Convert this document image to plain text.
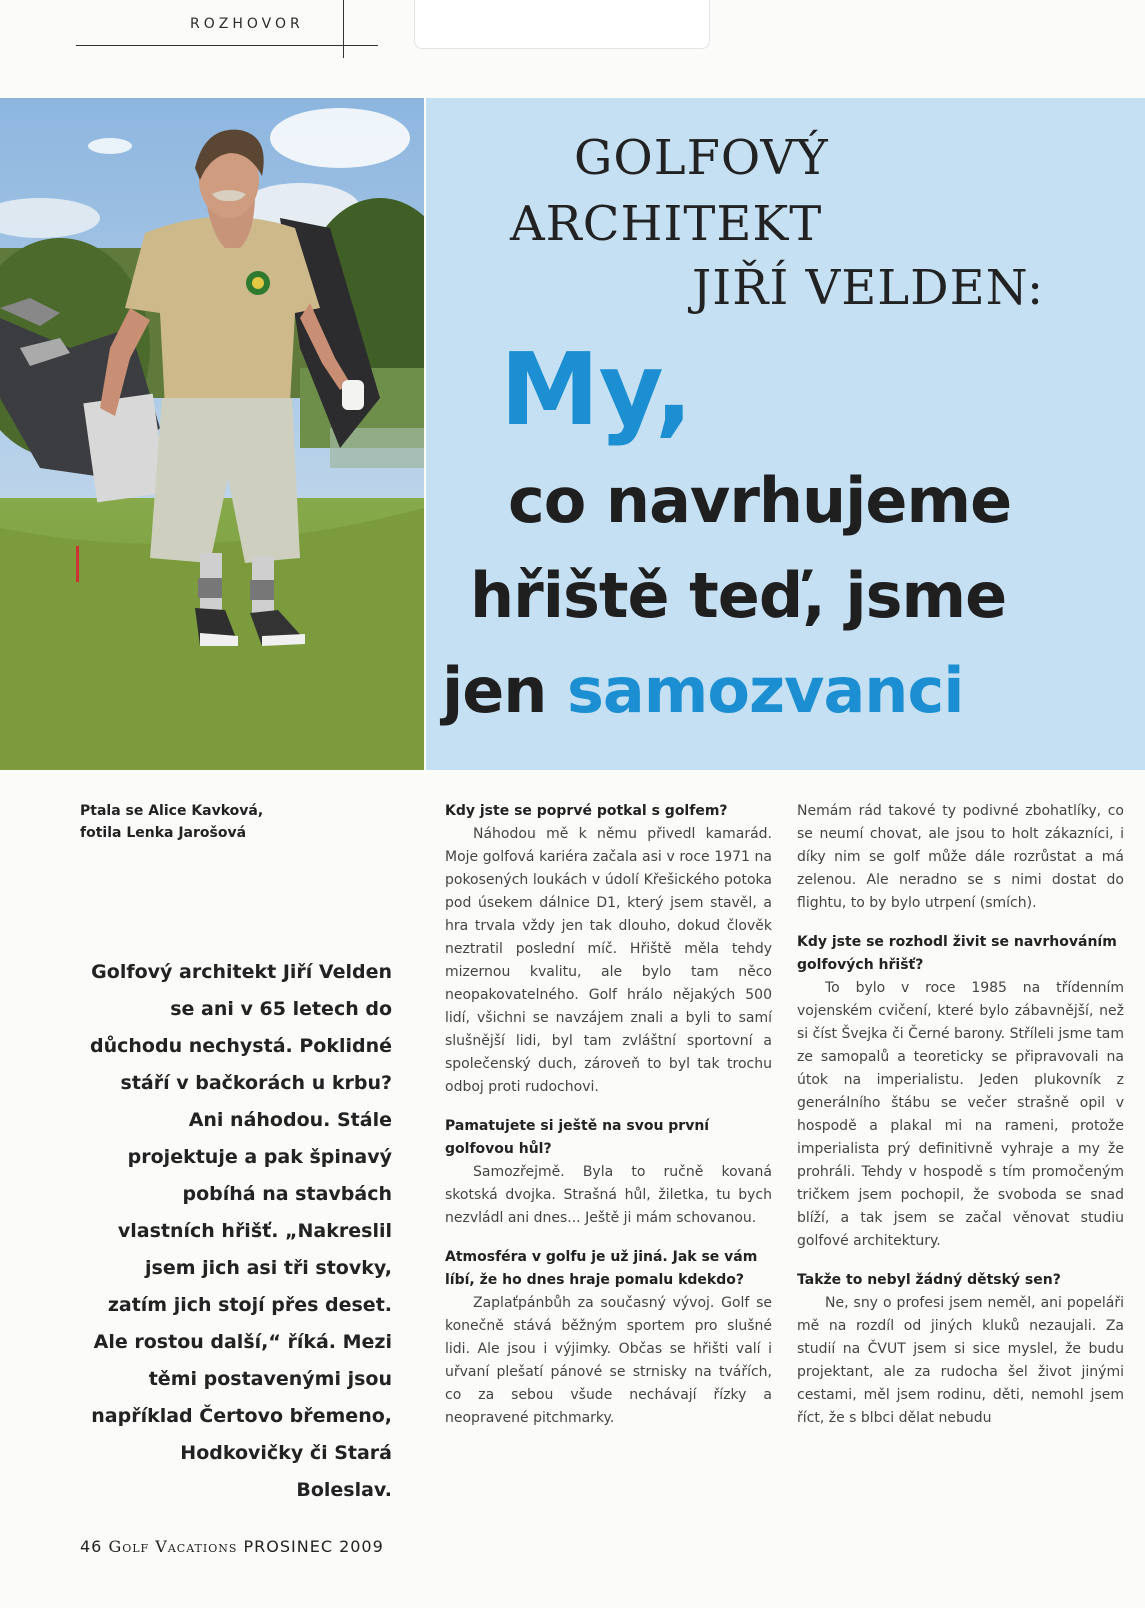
ROZHOVOR
GOLFOVÝ
ARCHITEKT
JIŘÍ VELDEN:
My,
co navrhujeme
hřiště teď, jsme
jen samozvanci
Ptala se Alice Kavková,
fotila Lenka Jarošová
Golfový architekt Jiří Velden se ani v 65 letech do důchodu nechystá. Poklidné stáří v bačkorách u krbu? Ani náhodou. Stále projektuje a pak špinavý pobíhá na stavbách vlastních hřišť. „Nakreslil jsem jich asi tři stovky, zatím jich stojí přes deset. Ale rostou další,“ říká. Mezi těmi postavenými jsou například Čertovo břemeno, Hodkovičky či Stará Boleslav.

Kdy jste se poprvé potkal s golfem?

Náhodou mě k němu přivedl kamarád. Moje golfová kariéra začala asi v roce 1971 na pokosených loukách v údolí Křešického potoka pod úsekem dálnice D1, který jsem stavěl, a hra trvala vždy jen tak dlouho, dokud člověk neztratil poslední míč. Hřiště měla tehdy mizernou kvalitu, ale bylo tam něco neopakovatelného. Golf hrálo nějakých 500 lidí, všichni se navzájem znali a byli to samí slušnější lidi, byl tam zvláštní sportovní a společenský duch, zároveň to byl tak trochu odboj proti rudochovi.

Pamatujete si ještě na svou první golfovou hůl?

Samozřejmě. Byla to ručně kovaná skotská dvojka. Strašná hůl, žiletka, tu bych nezvládl ani dnes... Ještě ji mám schovanou.

Atmosféra v golfu je už jiná. Jak se vám líbí, že ho dnes hraje pomalu kdekdo?

Zaplaťpánbůh za současný vývoj. Golf se konečně stává běžným sportem pro slušné lidi. Ale jsou i výjimky. Občas se hřišti valí i uřvaní plešatí pánové se strnisky na tvářích, co za sebou všude nechávají řízky a neopravené pitchmarky.

Nemám rád takové ty podivné zbohatlíky, co se neumí chovat, ale jsou to holt zákazníci, i díky nim se golf může dále rozrůstat a má zelenou. Ale neradno se s nimi dostat do flightu, to by bylo utrpení (smích).

Kdy jste se rozhodl živit se navrhováním golfových hřišť?

To bylo v roce 1985 na třídenním vojenském cvičení, které bylo zábavnější, než si číst Švejka či Černé barony. Stříleli jsme tam ze samopalů a teoreticky se připravovali na útok na imperialistu. Jeden plukovník z generálního štábu se večer strašně opil v hospodě a plakal mi na rameni, protože imperialista prý definitivně vyhraje a my že prohráli. Tehdy v hospodě s tím promočeným tričkem jsem pochopil, že svoboda se snad blíží, a tak jsem se začal věnovat studiu golfové architektury.

Takže to nebyl žádný dětský sen?

Ne, sny o profesi jsem neměl, ani popeláři mě na rozdíl od jiných kluků nezaujali. Za studií na ČVUT jsem si sice myslel, že budu projektant, ale za rudocha šel život jinými cestami, měl jsem rodinu, děti, nemohl jsem říct, že s blbci dělat nebudu

46 Golf Vacations PROSINEC 2009
